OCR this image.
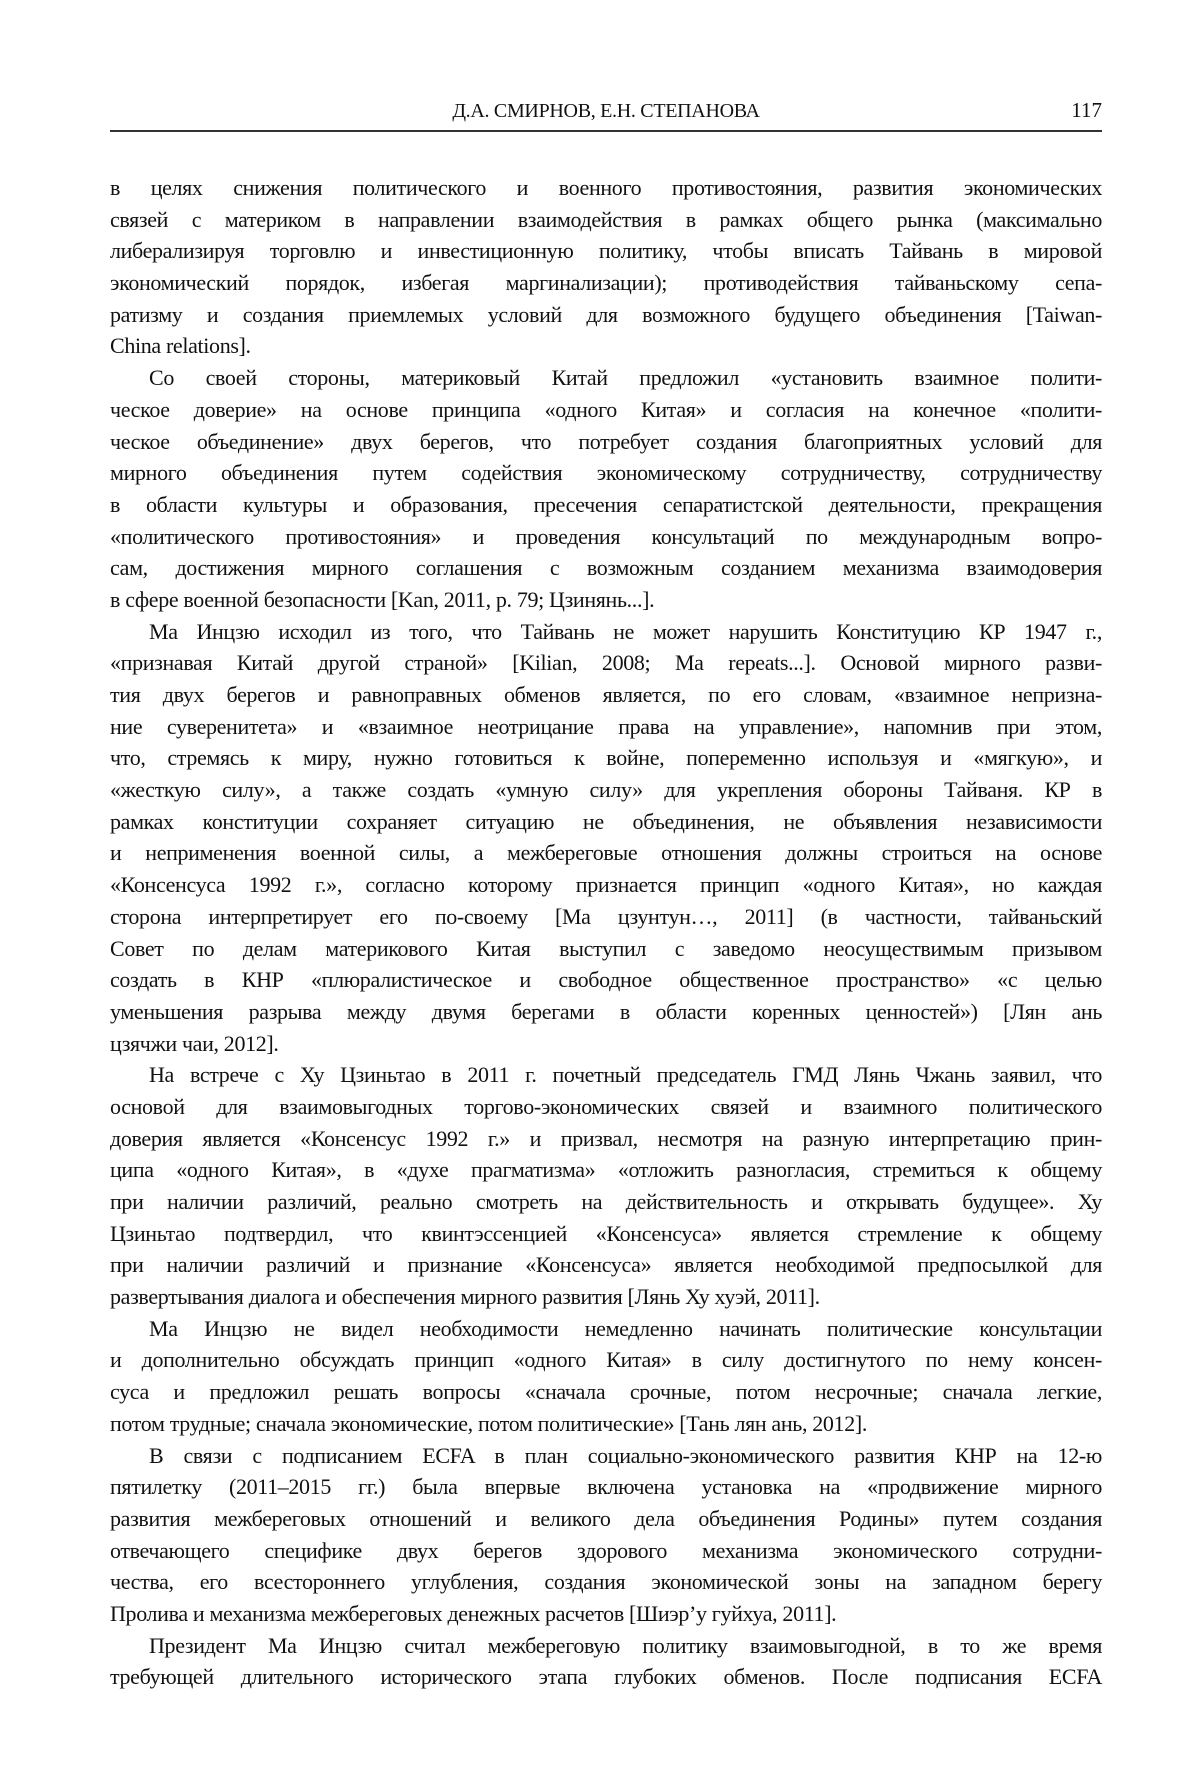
Д.А. СМИРНОВ, Е.Н. СТЕПАНОВА	117
в целях снижения политического и военного противостояния, развития экономических
связей с материком в направлении взаимодействия в рамках общего рынка (максимально
либерализируя торговлю и инвестиционную политику, чтобы вписать Тайвань в мировой
экономический порядок, избегая маргинализации); противодействия тайваньскому сепа-
ратизму и создания приемлемых условий для возможного будущего объединения [Taiwan-
China relations].
Со своей стороны, материковый Китай предложил «установить взаимное полити-
ческое доверие» на основе принципа «одного Китая» и согласия на конечное «полити-
ческое объединение» двух берегов, что потребует создания благоприятных условий для
мирного объединения путем содействия экономическому сотрудничеству, сотрудничеству
в области культуры и образования, пресечения сепаратистской деятельности, прекращения
«политического противостояния» и проведения консультаций по международным вопро-
сам, достижения мирного соглашения с возможным созданием механизма взаимодоверия
в сфере военной безопасности [Kan, 2011, p. 79; Цзинянь...].
Ма Инцзю исходил из того, что Тайвань не может нарушить Конституцию КР 1947 г.,
«признавая Китай другой страной» [Kilian, 2008; Ma repeats...]. Основой мирного разви-
тия двух берегов и равноправных обменов является, по его словам, «взаимное непризна-
ние суверенитета» и «взаимное неотрицание права на управление», напомнив при этом,
что, стремясь к миру, нужно готовиться к войне, попеременно используя и «мягкую», и
«жесткую силу», а также создать «умную силу» для укрепления обороны Тайваня. КР в
рамках конституции сохраняет ситуацию не объединения, не объявления независимости
и неприменения военной силы, а межбереговые отношения должны строиться на основе
«Консенсуса 1992 г.», согласно которому признается принцип «одного Китая», но каждая
сторона интерпретирует его по-своему [Ма цзунтун…, 2011] (в частности, тайваньский
Совет по делам материкового Китая выступил с заведомо неосуществимым призывом
создать в КНР «плюралистическое и свободное общественное пространство» «с целью
уменьшения разрыва между двумя берегами в области коренных ценностей») [Лян ань
цзячжи чаи, 2012].
На встрече с Ху Цзиньтао в 2011 г. почетный председатель ГМД Лянь Чжань заявил, что
основой для взаимовыгодных торгово-экономических связей и взаимного политического
доверия является «Консенсус 1992 г.» и призвал, несмотря на разную интерпретацию прин-
ципа «одного Китая», в «духе прагматизма» «отложить разногласия, стремиться к общему
при наличии различий, реально смотреть на действительность и открывать будущее». Ху
Цзиньтао подтвердил, что квинтэссенцией «Консенсуса» является стремление к общему
при наличии различий и признание «Консенсуса» является необходимой предпосылкой для
развертывания диалога и обеспечения мирного развития [Лянь Ху хуэй, 2011].
Ма Инцзю не видел необходимости немедленно начинать политические консультации
и дополнительно обсуждать принцип «одного Китая» в силу достигнутого по нему консен-
суса и предложил решать вопросы «сначала срочные, потом несрочные; сначала легкие,
потом трудные; сначала экономические, потом политические» [Тань лян ань, 2012].
В связи с подписанием ECFA в план социально-экономического развития КНР на 12-ю
пятилетку (2011–2015 гг.) была впервые включена установка на «продвижение мирного
развития межбереговых отношений и великого дела объединения Родины» путем создания
отвечающего специфике двух берегов здорового механизма экономического сотрудни-
чества, его всестороннего углубления, создания экономической зоны на западном берегу
Пролива и механизма межбереговых денежных расчетов [Шиэр’у гуйхуа, 2011].
Президент Ма Инцзю считал межбереговую политику взаимовыгодной, в то же время
требующей длительного исторического этапа глубоких обменов. После подписания ECFA
